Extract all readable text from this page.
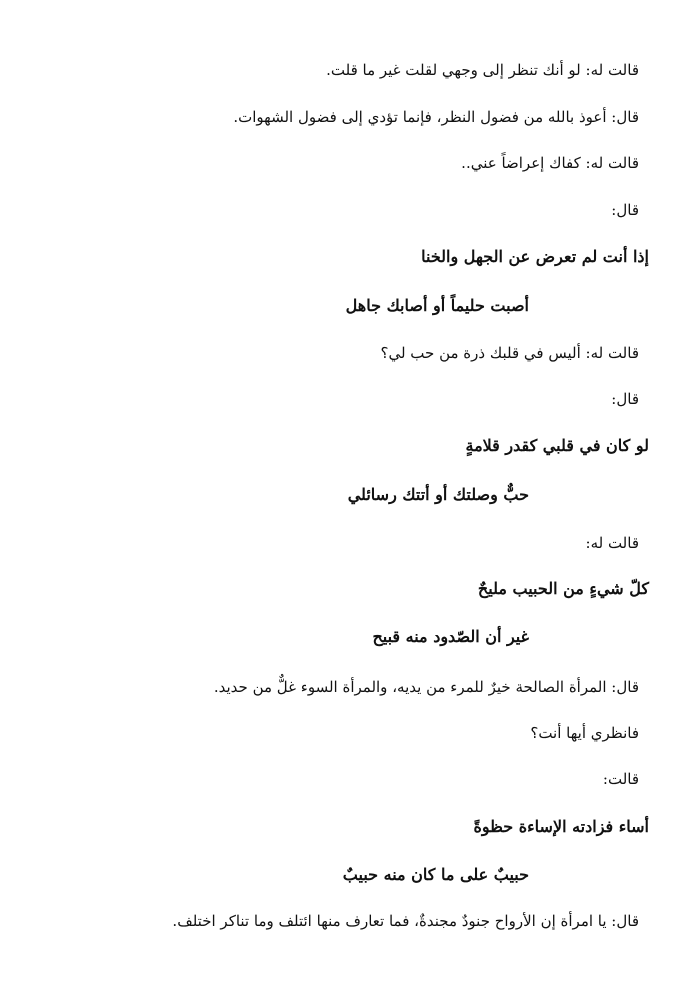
قالت له: لو أنك تنظر إلى وجهي لقلت غير ما قلت.
قال: أعوذ بالله من فضول النظر، فإنما تؤدي إلى فضول الشهوات.
قالت له: كفاك إعراضاً عني..
قال:
إذا أنت لم تعرض عن الجهل والخنا
أصبت حليماً أو أصابك جاهل
قالت له: أليس في قلبك ذرة من حب لي؟
قال:
لو كان في قلبي كقدر قلامةٍ
حبٌّ وصلتك أو أتتك رسائلي
قالت له:
كلّ شيءٍ من الحبيب مليحٌ
غير أن الصّدود منه قبيح
قال: المرأة الصالحة خيرٌ للمرء من يديه، والمرأة السوء غلٌّ من حديد.
فانظري أيها أنت؟
قالت:
أساء فزادته الإساءة حظوةً
حبيبٌ على ما كان منه حبيبٌ
قال: يا امرأة إن الأرواح جنودٌ مجندةٌ، فما تعارف منها ائتلف وما تناكر اختلف.
